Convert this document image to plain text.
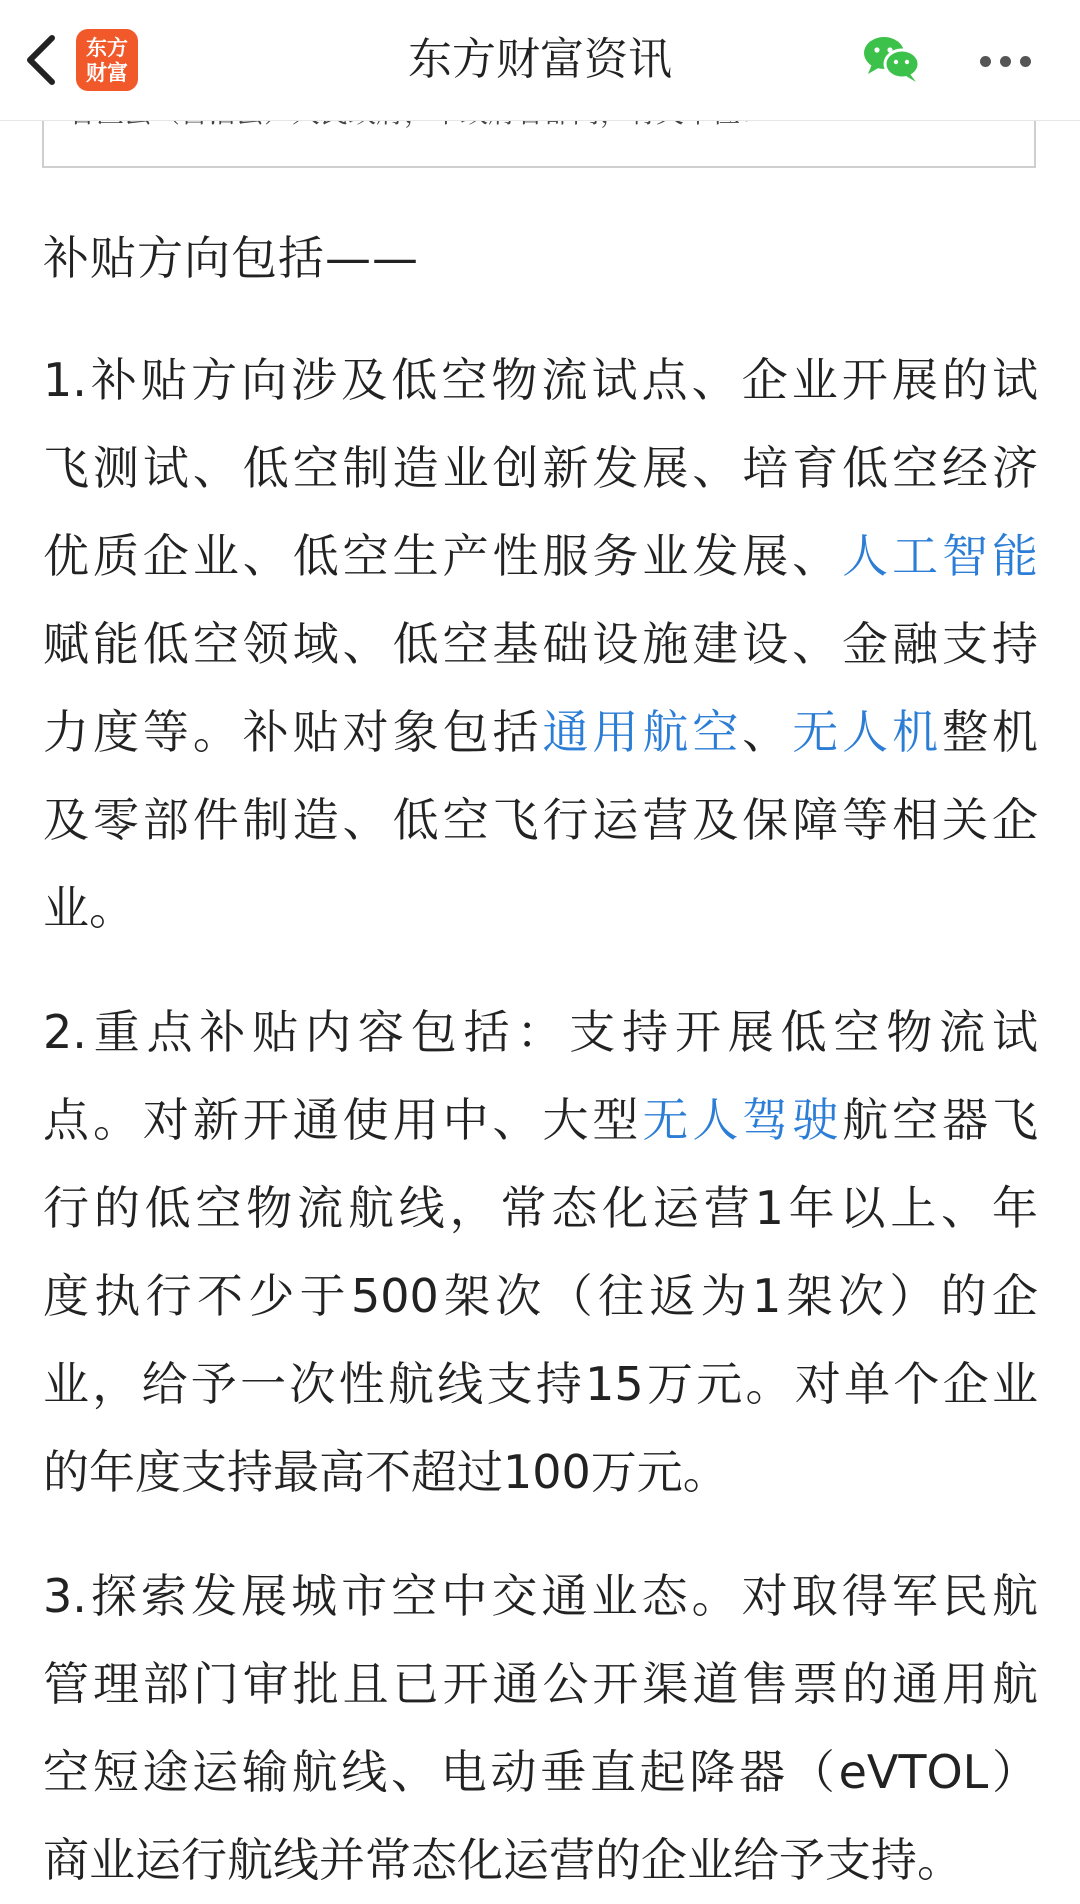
东方
财富	东方财富资讯
补贴方向包括——
1.补贴方向涉及低空物流试点、企业开展的试
飞测试、低空制造业创新发展、培育低空经济
优质企业、低空生产性服务业发展、人工智能
赋能低空领域、低空基础设施建设、金融支持
力度等。补贴对象包括通用航空、无人机整机
及零部件制造、低空飞行运营及保障等相关企
业。
2.重点补贴内容包括：支持开展低空物流试
点。对新开通使用中、大型无人驾驶航空器飞
行的低空物流航线，常态化运营1年以上、年
度执行不少于500架次（往返为1架次）的企
业，给予一次性航线支持15万元。对单个企业
的年度支持最高不超过100万元。
3.探索发展城市空中交通业态。对取得军民航
管理部门审批且已开通公开渠道售票的通用航
空短途运输航线、电动垂直起降器（eVTOL）
商业运行航线并常态化运营的企业给予支持。
